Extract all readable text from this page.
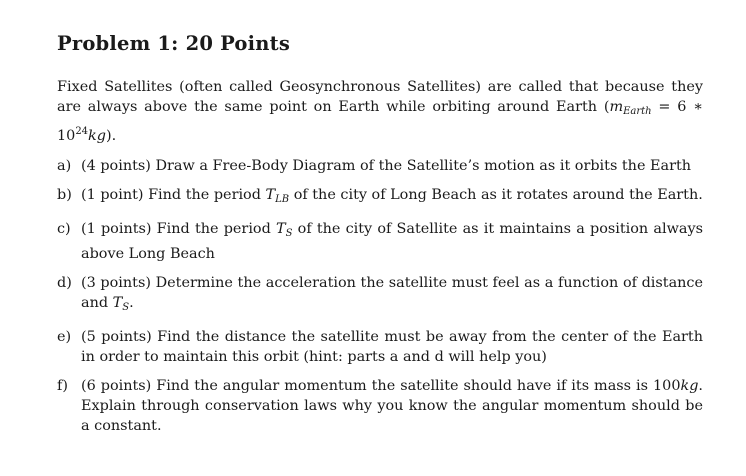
Problem 1: 20 Points

Fixed Satellites (often called Geosynchronous Satellites) are called that because they are always above the same point on Earth while orbiting around Earth ($m_{Earth} = 6$ ∗ $10^{24}kg$).

a) (4 points) Draw a Free-Body Diagram of the Satellite’s motion as it orbits the Earth
b) (1 point) Find the period $T_{LB}$ of the city of Long Beach as it rotates around the Earth.
c) (1 points) Find the period $T_S$ of the city of Satellite as it maintains a position always above Long Beach
d) (3 points) Determine the acceleration the satellite must feel as a function of distance and $T_S$.
e) (5 points) Find the distance the satellite must be away from the center of the Earth in order to maintain this orbit (hint: parts a and d will help you)
f) (6 points) Find the angular momentum the satellite should have if its mass is 100kg. Explain through conservation laws why you know the angular momentum should be a constant.
